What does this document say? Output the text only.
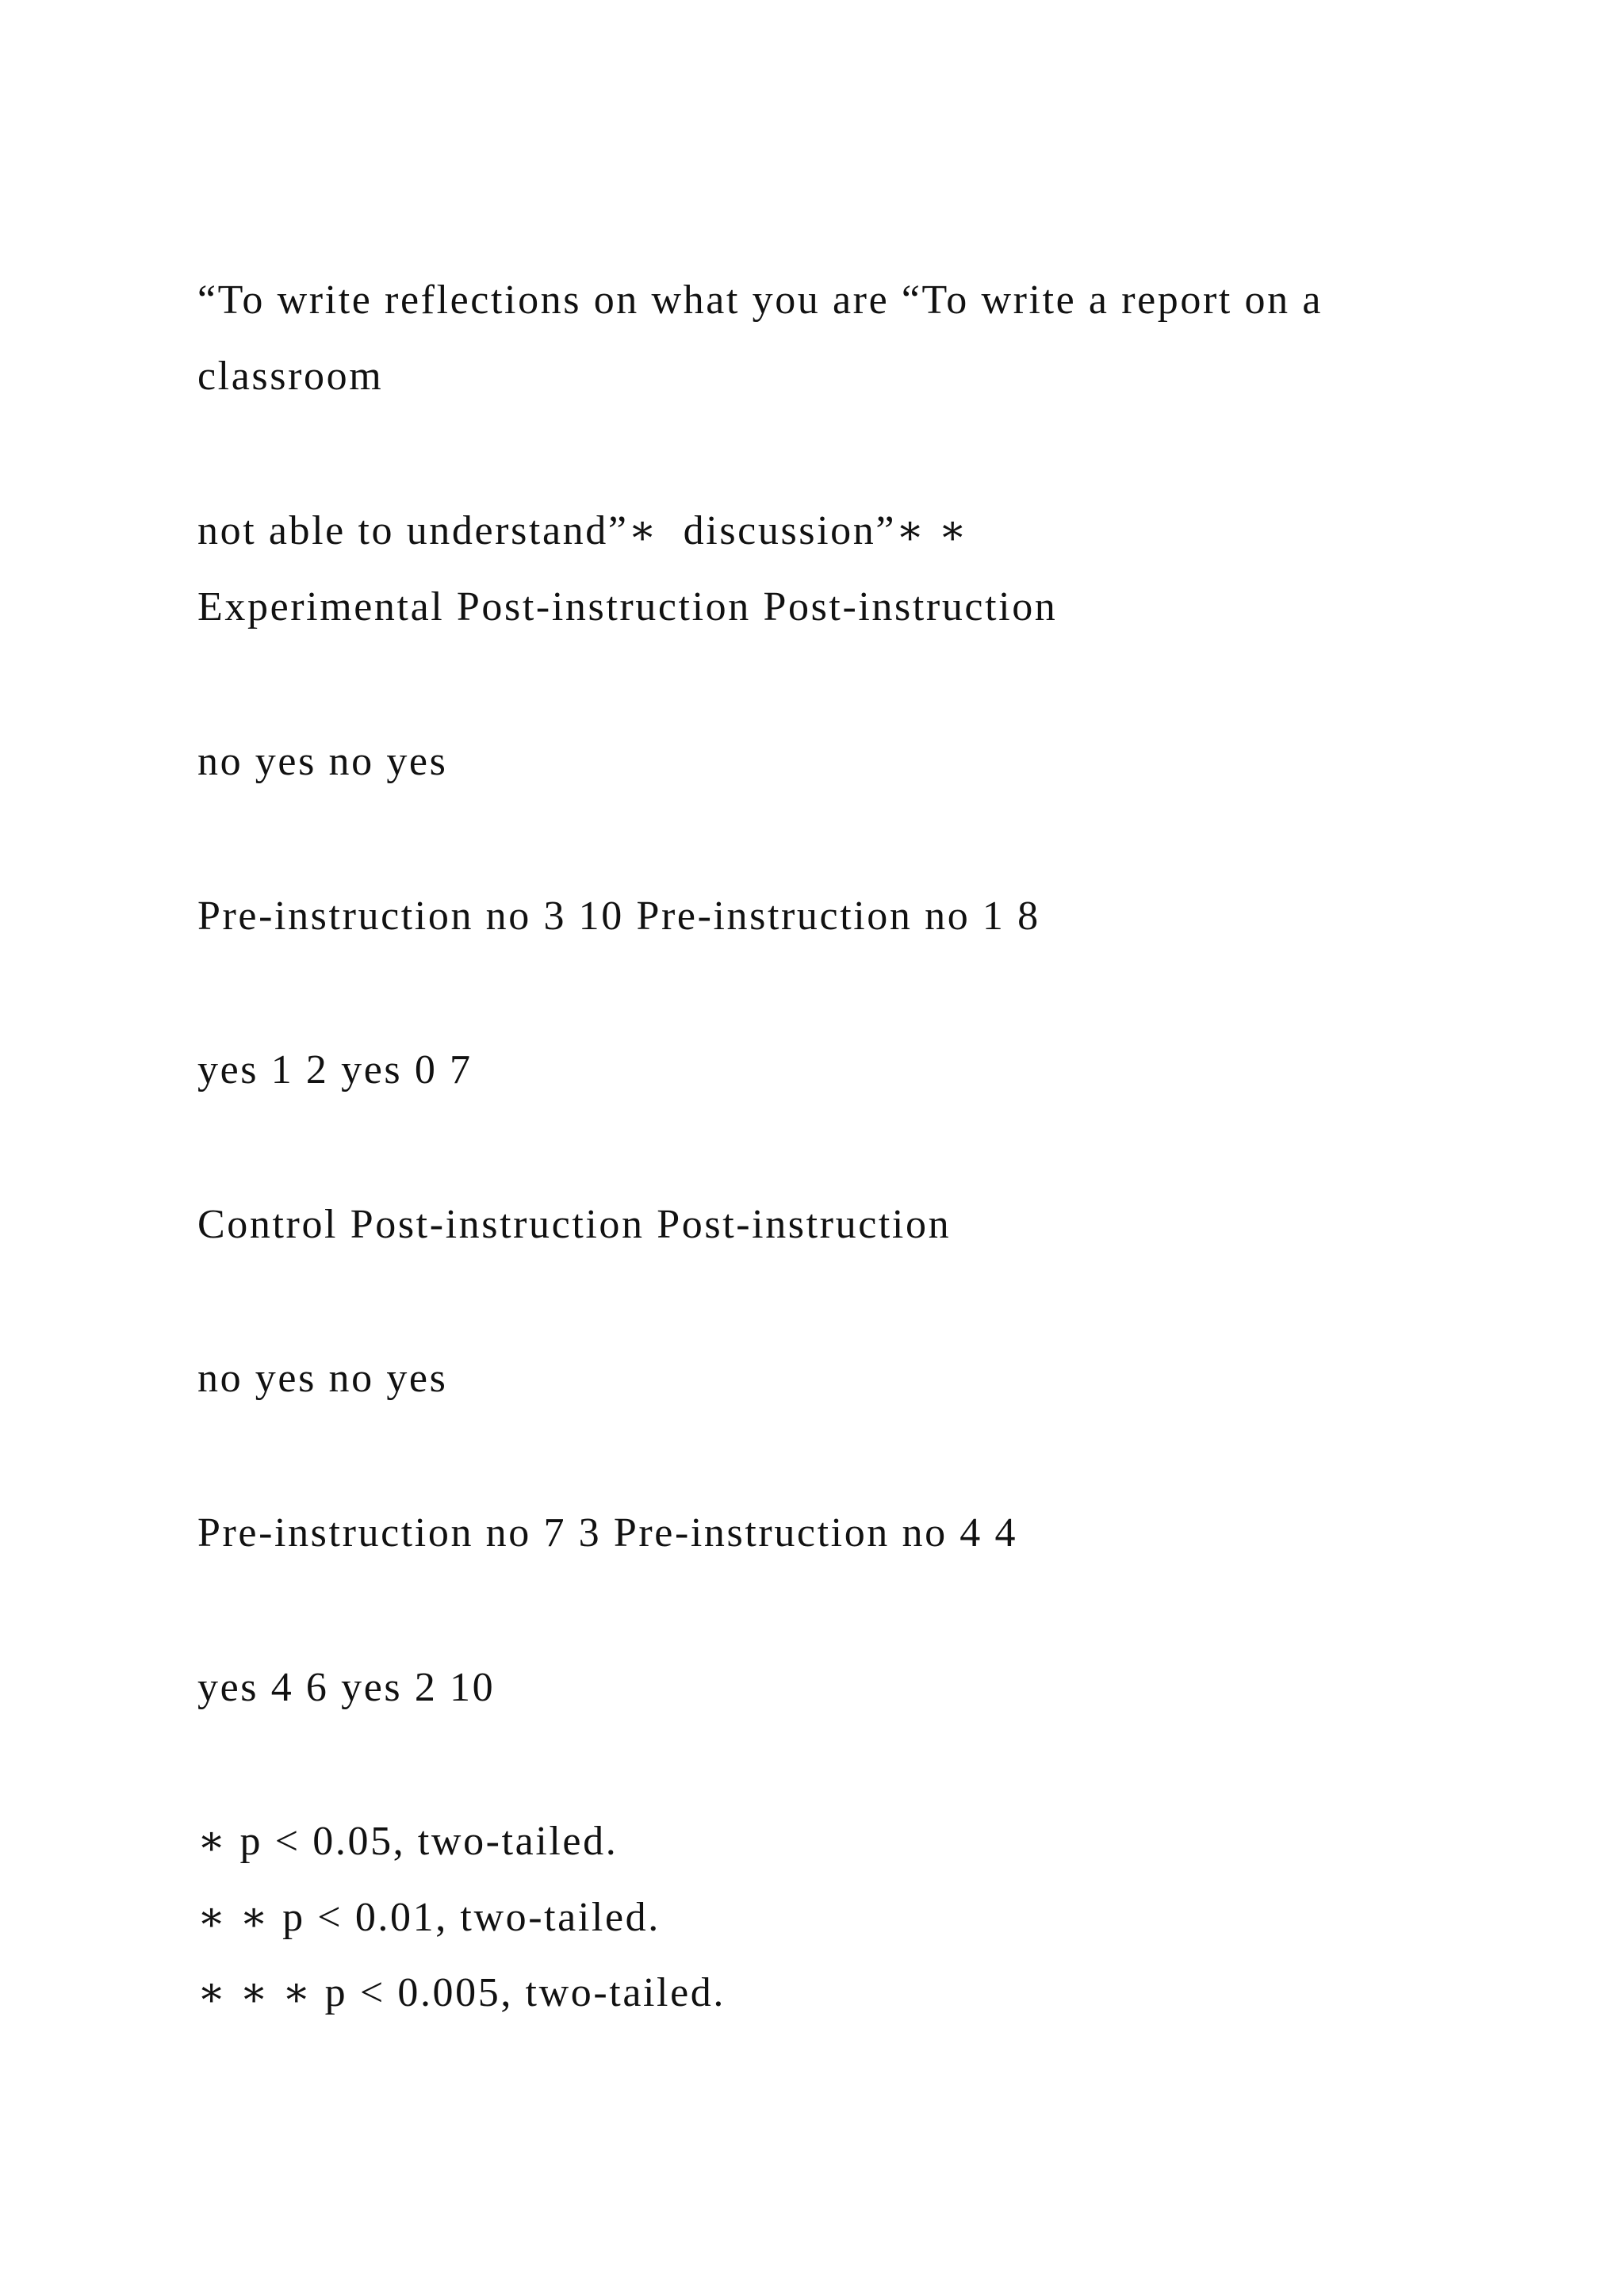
“To write reflections on what you are “To write a report on a
classroom
not able to understand”∗  discussion”∗ ∗
Experimental Post-instruction Post-instruction
no yes no yes
Pre-instruction no 3 10 Pre-instruction no 1 8
yes 1 2 yes 0 7
Control Post-instruction Post-instruction
no yes no yes
Pre-instruction no 7 3 Pre-instruction no 4 4
yes 4 6 yes 2 10
∗ p < 0.05, two-tailed.
∗ ∗ p < 0.01, two-tailed.
∗ ∗ ∗ p < 0.005, two-tailed.
